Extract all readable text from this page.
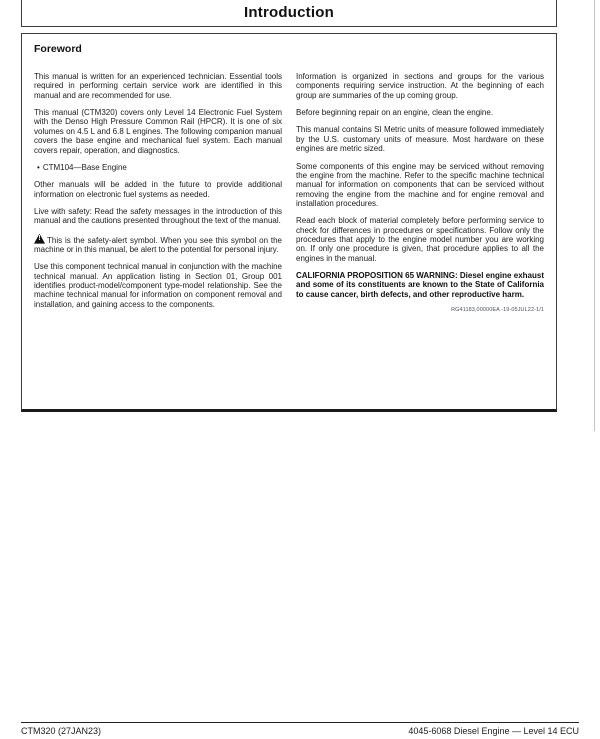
Introduction
Foreword

This manual is written for an experienced technician. Essential tools required in performing certain service work are identified in this manual and are recommended for use.

This manual (CTM320) covers only Level 14 Electronic Fuel System with the Denso High Pressure Common Rail (HPCR). It is one of six volumes on 4.5 L and 6.8 L engines. The following companion manual covers the base engine and mechanical fuel system. Each manual covers repair, operation, and diagnostics.

• CTM104—Base Engine

Other manuals will be added in the future to provide additional information on electronic fuel systems as needed.

Live with safety: Read the safety messages in the introduction of this manual and the cautions presented throughout the text of the manual.

! This is the safety-alert symbol. When you see this symbol on the machine or in this manual, be alert to the potential for personal injury.

Use this component technical manual in conjunction with the machine technical manual. An application listing in Section 01, Group 001 identifies product-model/component type-model relationship. See the machine technical manual for information on component removal and installation, and gaining access to the components.

Information is organized in sections and groups for the various components requiring service instruction. At the beginning of each group are summaries of the up coming group.

Before beginning repair on an engine, clean the engine.

This manual contains SI Metric units of measure followed immediately by the U.S. customary units of measure. Most hardware on these engines are metric sized.

Some components of this engine may be serviced without removing the engine from the machine. Refer to the specific machine technical manual for information on components that can be serviced without removing the engine from the machine and for engine removal and installation procedures.

Read each block of material completely before performing service to check for differences in procedures or specifications. Follow only the procedures that apply to the engine model number you are working on. If only one procedure is given, that procedure applies to all the engines in the manual.

CALIFORNIA PROPOSITION 65 WARNING: Diesel engine exhaust and some of its constituents are known to the State of California to cause cancer, birth defects, and other reproductive harm.

RG41183,00000EA -19-05JUL22-1/1
CTM320 (27JAN23)	4045-6068 Diesel Engine — Level 14 ECU
